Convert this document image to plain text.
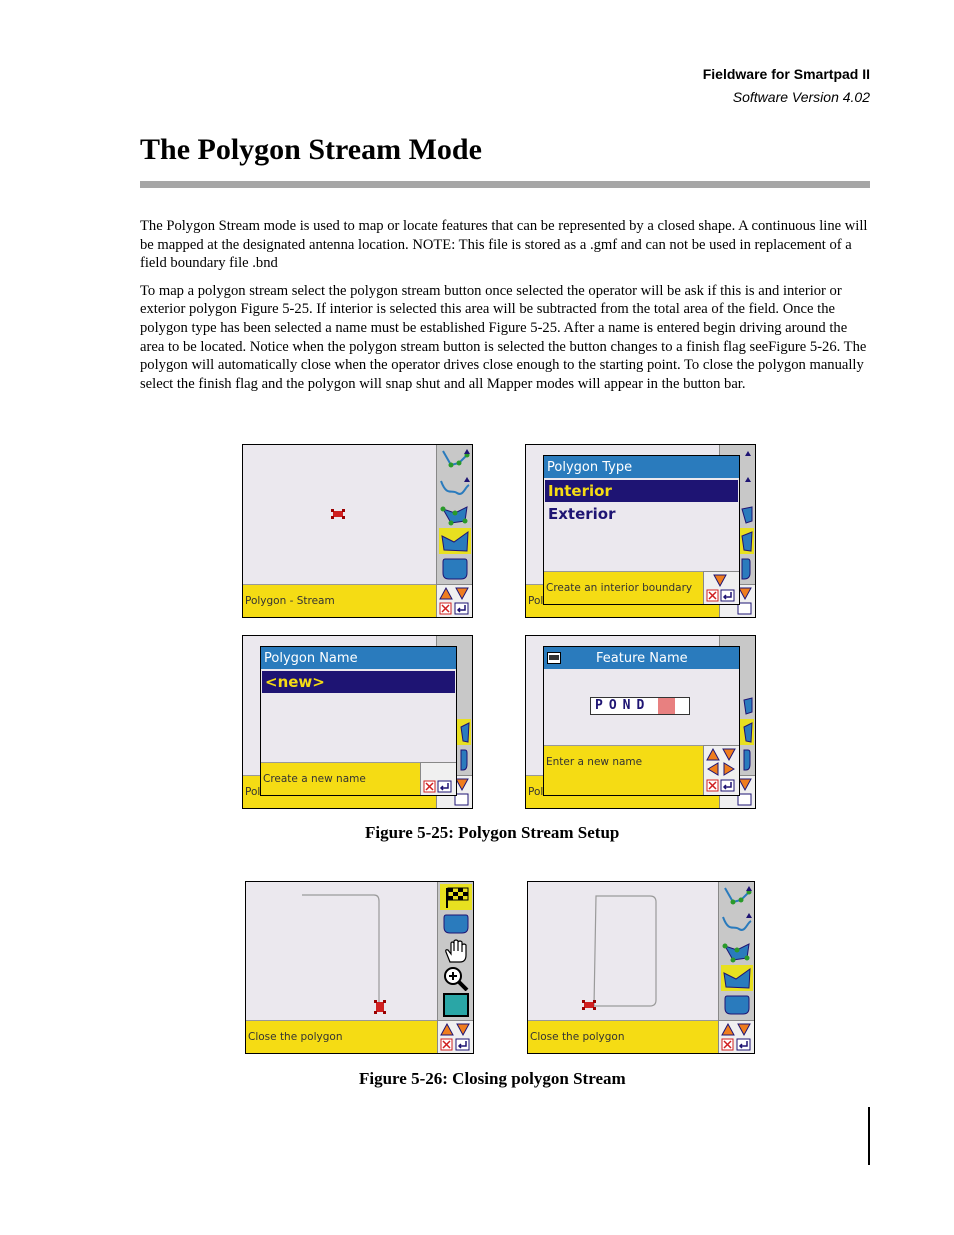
Fieldware for Smartpad II
Software Version 4.02
The Polygon Stream Mode

The Polygon Stream mode is used to map or locate features that can be represented by a closed shape. A continuous line will be mapped at the designated antenna location. NOTE: This file is stored as a .gmf and can not be used in replacement of a field boundary file .bnd

To map a polygon stream select the polygon stream button once selected the operator will be ask if this is and interior or exterior polygon Figure 5-25. If interior is selected this area will be subtracted from the total area of the field. Once the polygon type has been selected a name must be established Figure 5-25. After a name is entered begin driving around the area to be located. Notice when the polygon stream button is selected the button changes to a finish flag seeFigure 5-26. The polygon will automatically close when the operator drives close enough to the starting point. To close the polygon manually select the finish flag and the polygon will snap shut and all Mapper modes will appear in the button bar.

Polygon - Stream	Pol
Polygon Type
Interior
Exterior
Create an interior boundary
Pol
Polygon Name
<new>
Create a new name
Pol
Feature Name
Enter a new name
POND
Figure 5-25: Polygon Stream Setup
Close the polygon	Close the polygon
Figure 5-26: Closing polygon Stream
